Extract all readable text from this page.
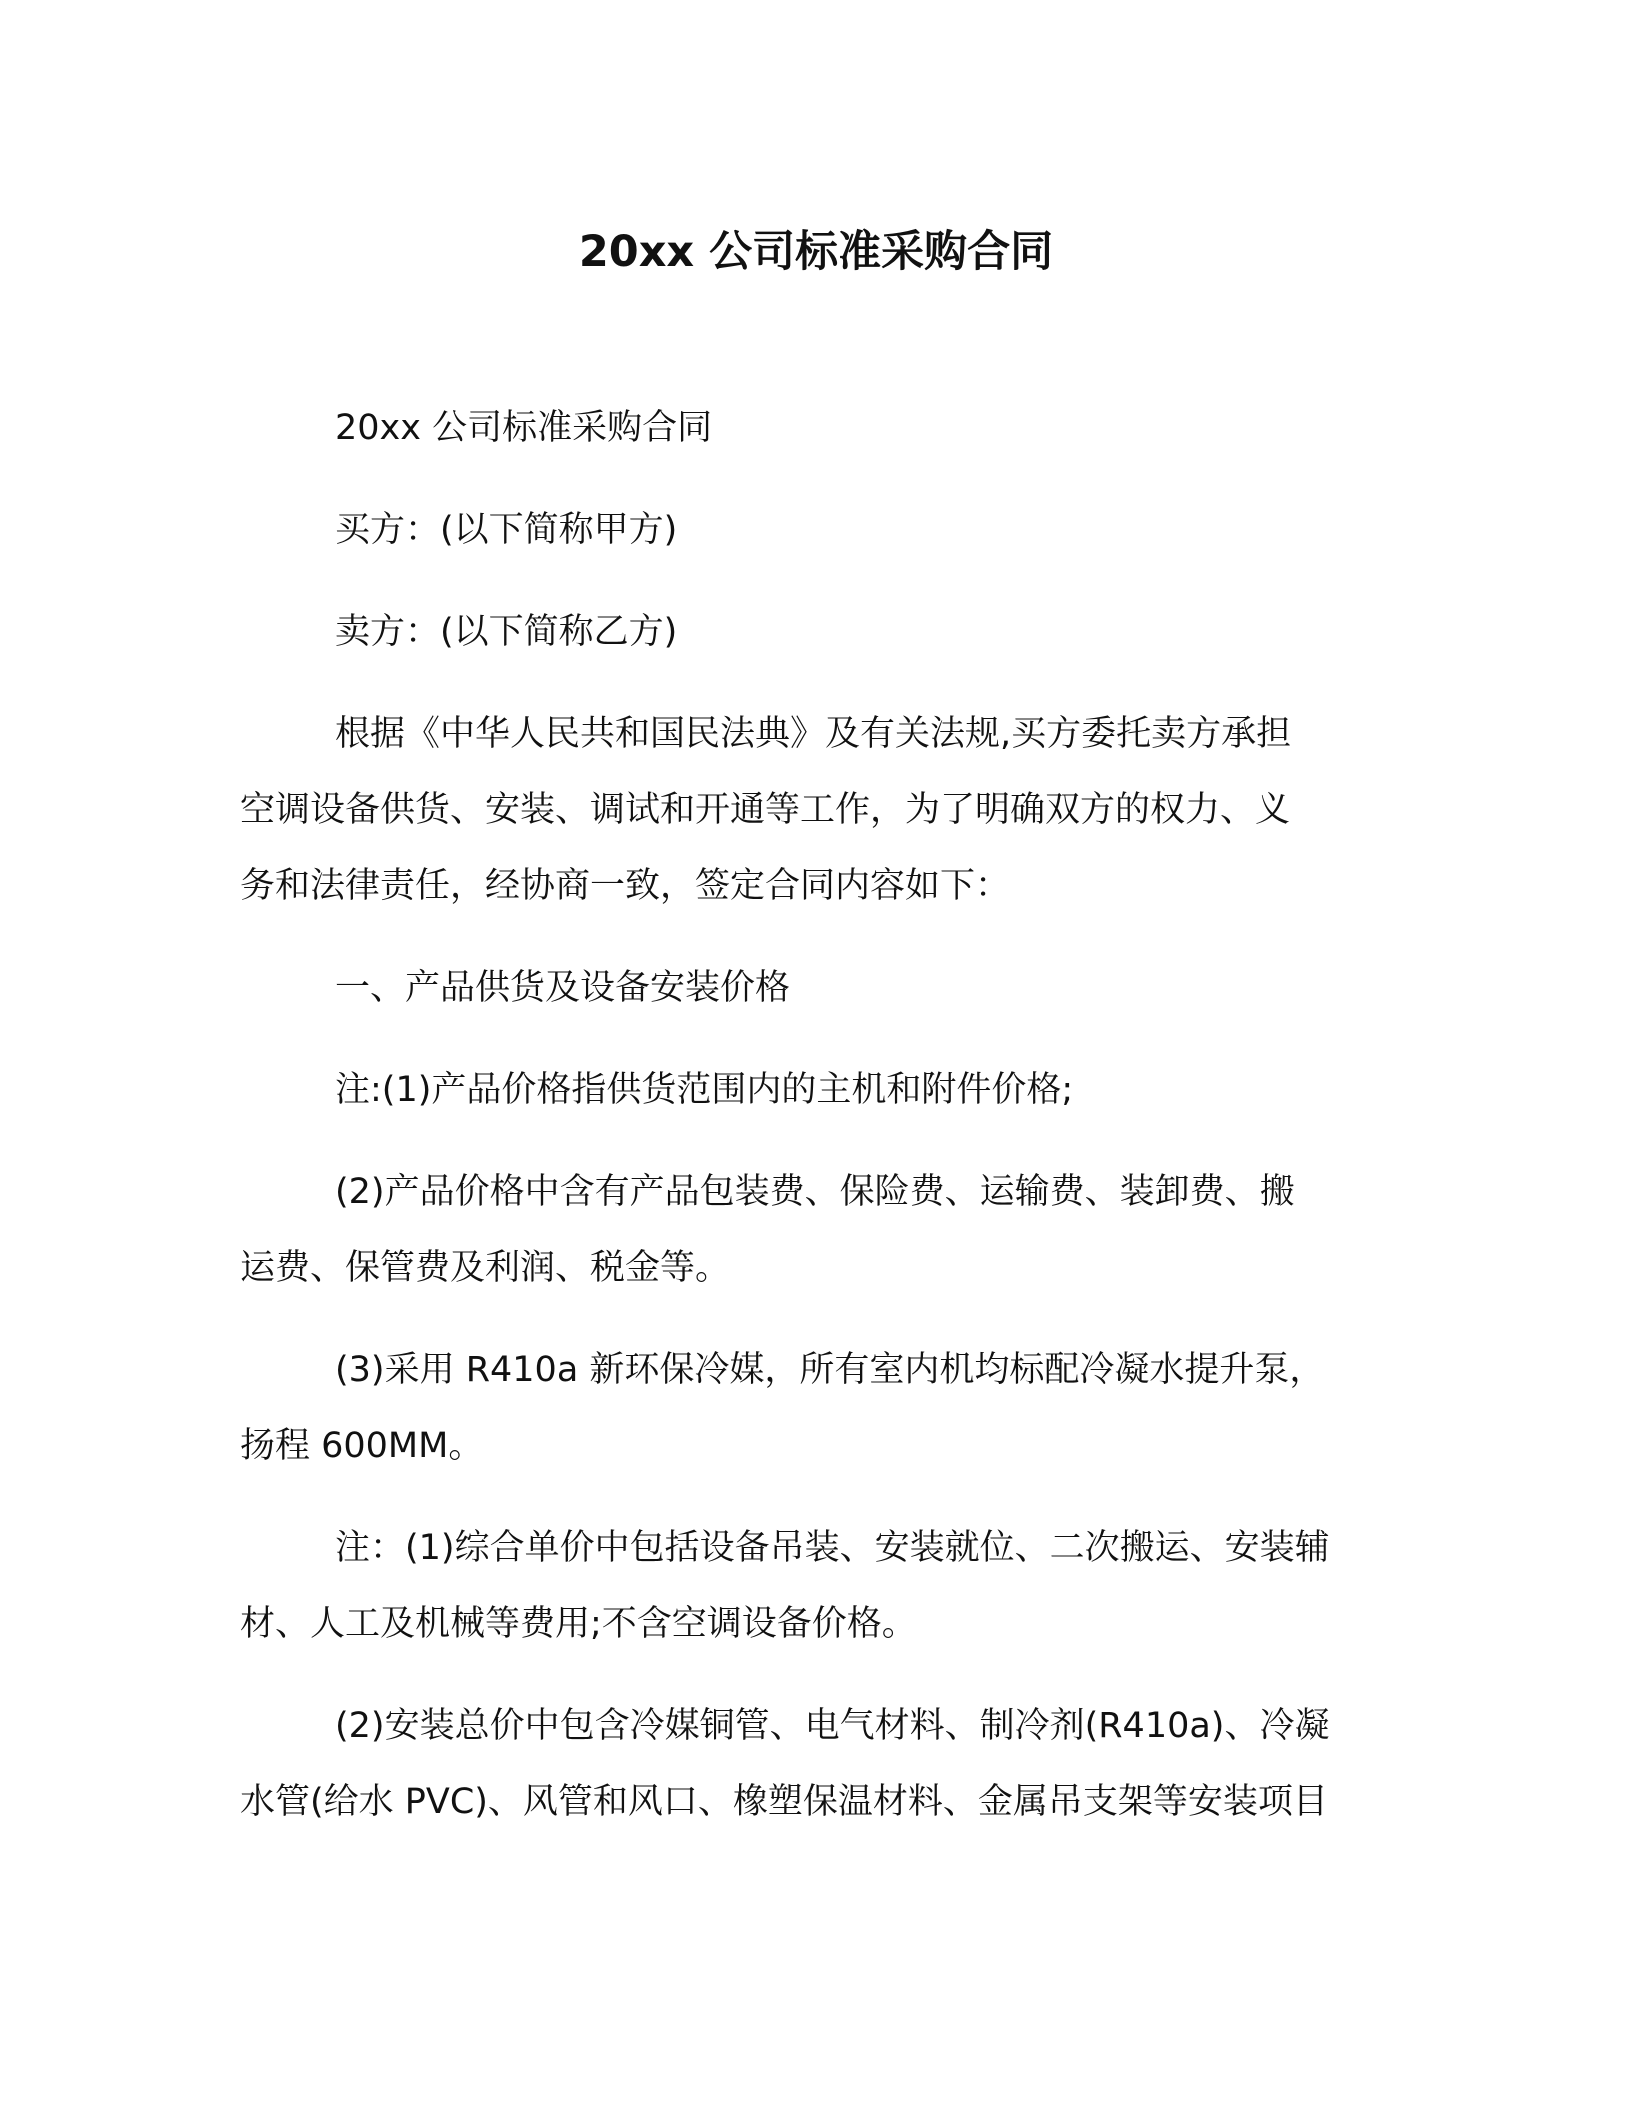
20xx 公司标准采购合同
20xx 公司标准采购合同
买方：(以下简称甲方)
卖方：(以下简称乙方)
根据《中华人民共和国民法典》及有关法规,买方委托卖方承担
空调设备供货、安装、调试和开通等工作，为了明确双方的权力、义
务和法律责任，经协商一致，签定合同内容如下：
一、产品供货及设备安装价格
注:(1)产品价格指供货范围内的主机和附件价格;
(2)产品价格中含有产品包装费、保险费、运输费、装卸费、搬
运费、保管费及利润、税金等。
(3)采用 R410a 新环保冷媒，所有室内机均标配冷凝水提升泵，
扬程 600MM。
注：(1)综合单价中包括设备吊装、安装就位、二次搬运、安装辅
材、人工及机械等费用;不含空调设备价格。
(2)安装总价中包含冷媒铜管、电气材料、制冷剂(R410a)、冷凝
水管(给水 PVC)、风管和风口、橡塑保温材料、金属吊支架等安装项目
